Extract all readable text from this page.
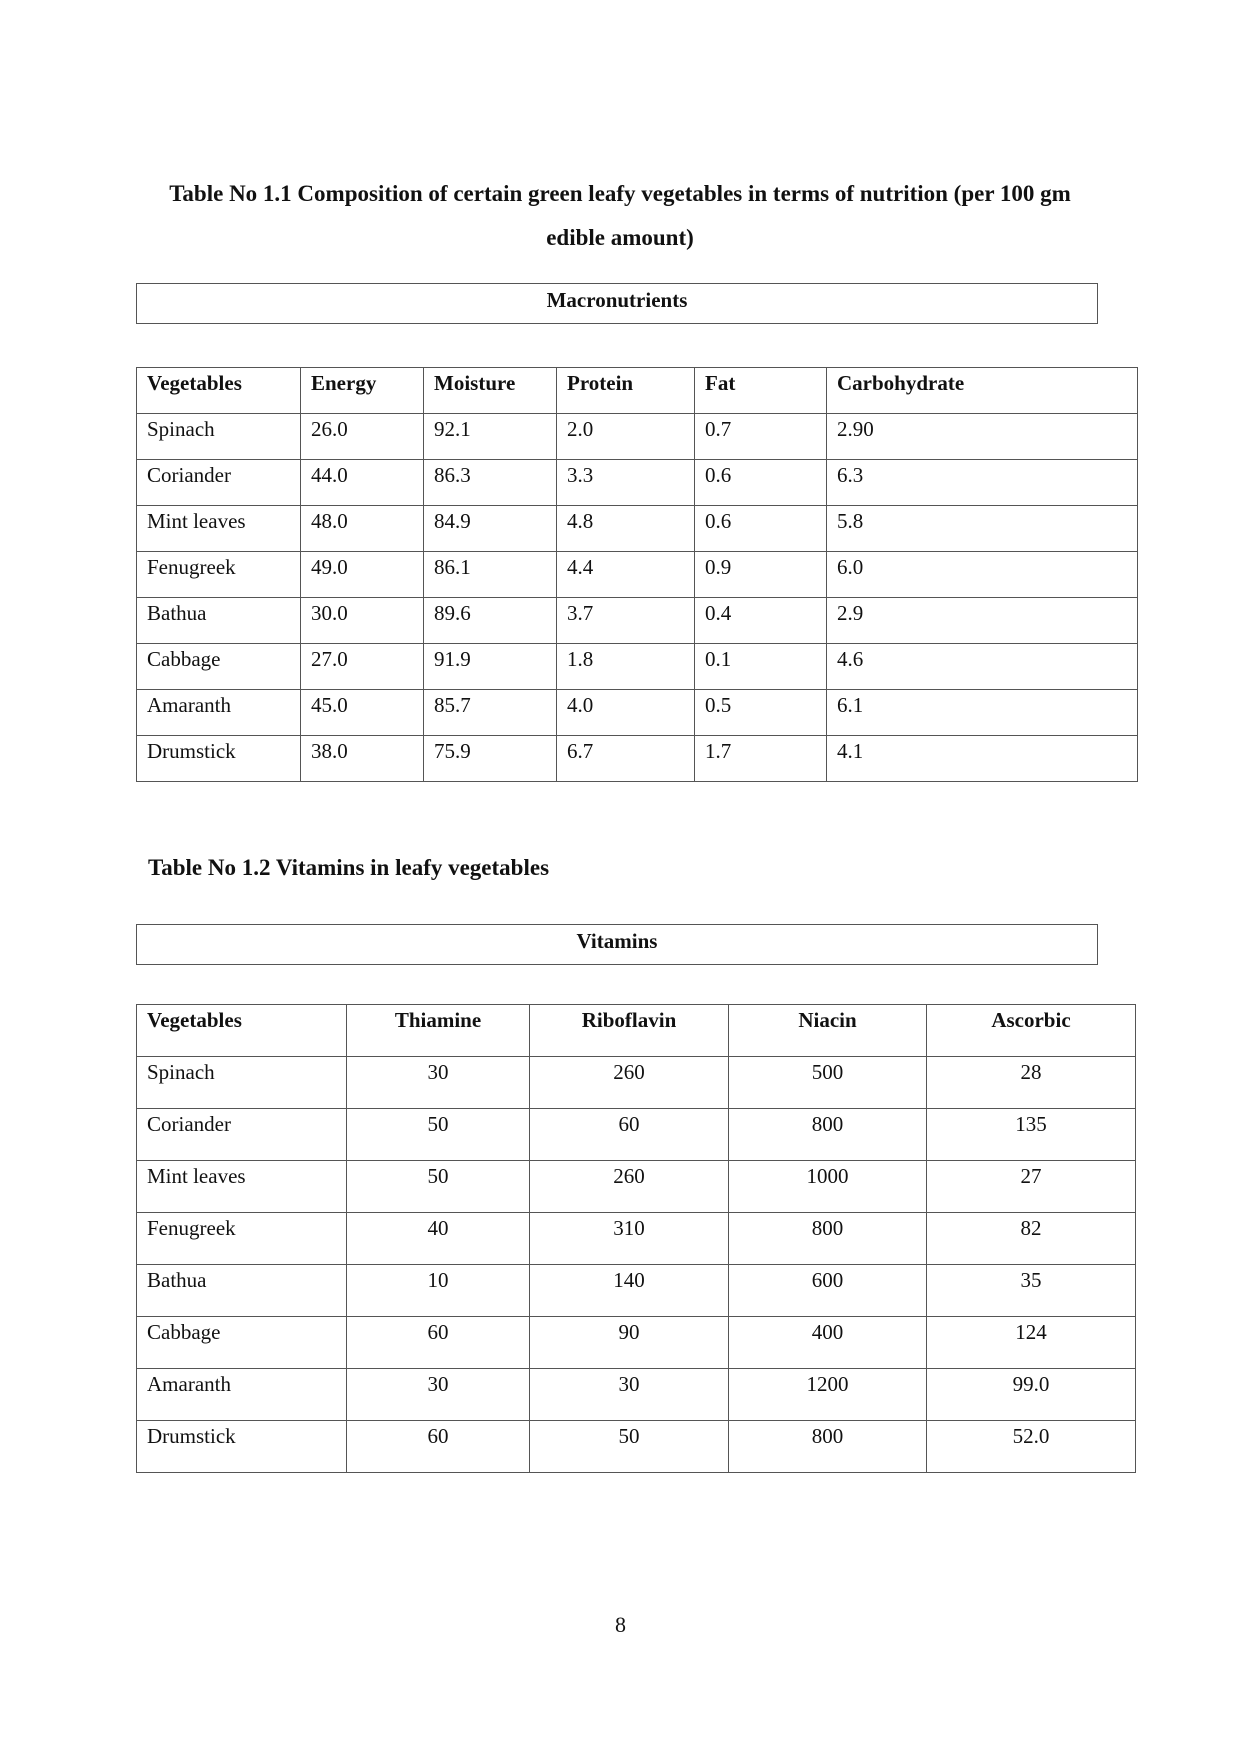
Table No 1.1 Composition of certain green leafy vegetables in terms of nutrition (per 100 gm edible amount)
Macronutrients
Vegetables	Energy	Moisture	Protein	Fat	Carbohydrate
Spinach	26.0	92.1	2.0	0.7	2.90
Coriander	44.0	86.3	3.3	0.6	6.3
Mint leaves	48.0	84.9	4.8	0.6	5.8
Fenugreek	49.0	86.1	4.4	0.9	6.0
Bathua	30.0	89.6	3.7	0.4	2.9
Cabbage	27.0	91.9	1.8	0.1	4.6
Amaranth	45.0	85.7	4.0	0.5	6.1
Drumstick	38.0	75.9	6.7	1.7	4.1
Table No 1.2 Vitamins in leafy vegetables
Vitamins
Vegetables	Thiamine	Riboflavin	Niacin	Ascorbic
Spinach	30	260	500	28
Coriander	50	60	800	135
Mint leaves	50	260	1000	27
Fenugreek	40	310	800	82
Bathua	10	140	600	35
Cabbage	60	90	400	124
Amaranth	30	30	1200	99.0
Drumstick	60	50	800	52.0
8
